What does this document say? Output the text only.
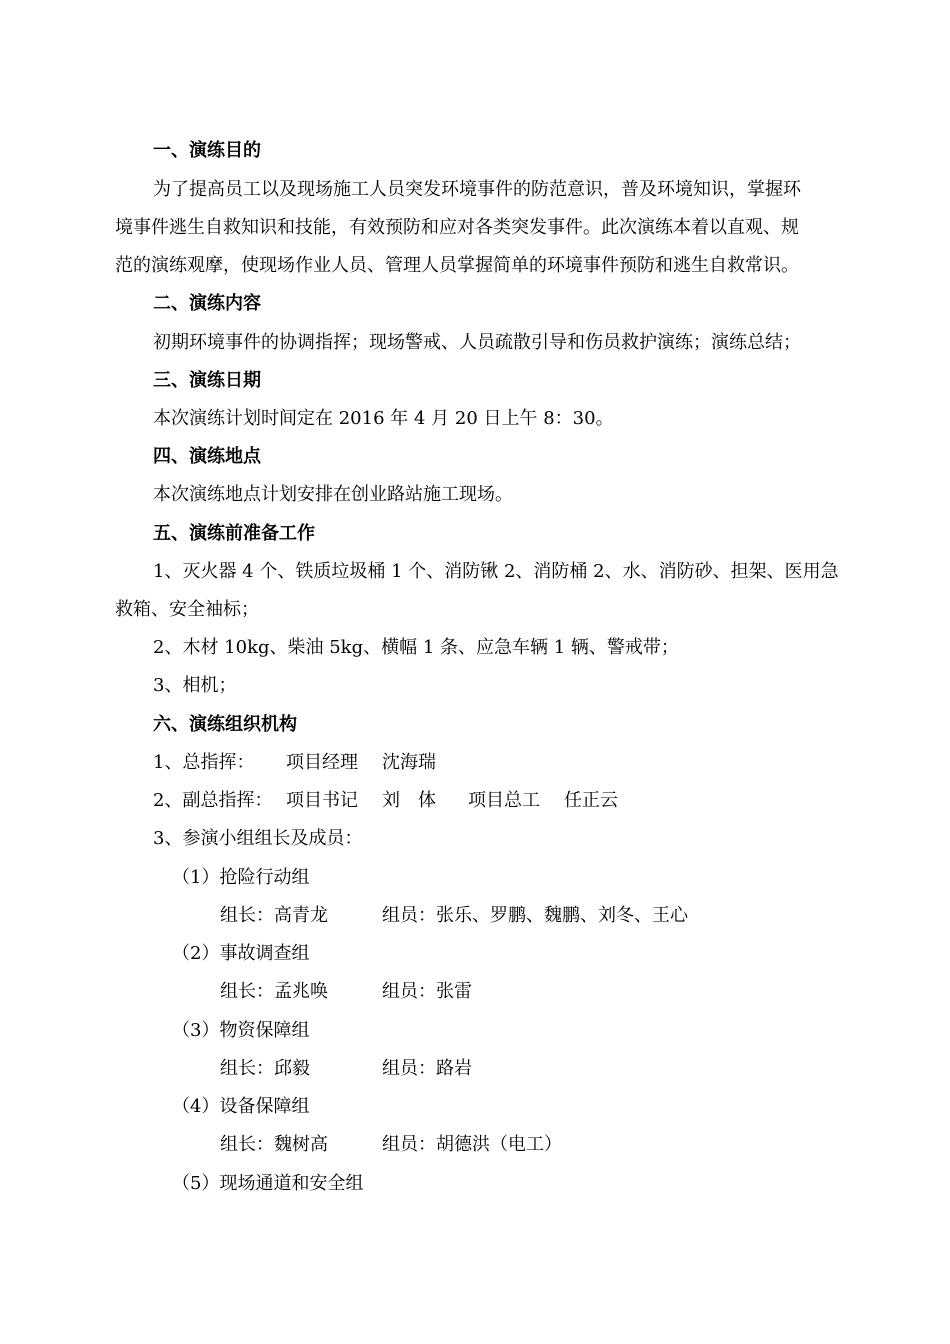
一、演练目的
为了提高员工以及现场施工人员突发环境事件的防范意识，普及环境知识，掌握环
境事件逃生自救知识和技能，有效预防和应对各类突发事件。此次演练本着以直观、规
范的演练观摩，使现场作业人员、管理人员掌握简单的环境事件预防和逃生自救常识。
二、演练内容
初期环境事件的协调指挥；现场警戒、人员疏散引导和伤员救护演练；演练总结；
三、演练日期
本次演练计划时间定在 2016 年 4 月 20 日上午 8：30。
四、演练地点
本次演练地点计划安排在创业路站施工现场。
五、演练前准备工作
1、灭火器 4 个、铁质垃圾桶 1 个、消防锹 2、消防桶 2、水、消防砂、担架、医用急
救箱、安全袖标；
2、木材 10kg、柴油 5kg、横幅 1 条、应急车辆 1 辆、警戒带；
3、相机；
六、演练组织机构
1、总指挥： 项目经理 沈海瑞
2、副总指挥： 项目书记 刘　体 项目总工 任正云
3、参演小组组长及成员：
（1）抢险行动组
组长：高青龙	组员：张乐、罗鹏、魏鹏、刘冬、王心
（2）事故调查组
组长：孟兆唤	组员：张雷
（3）物资保障组
组长：邱毅	组员：路岩
（4）设备保障组
组长：魏树高	组员：胡德洪（电工）
（5）现场通道和安全组
